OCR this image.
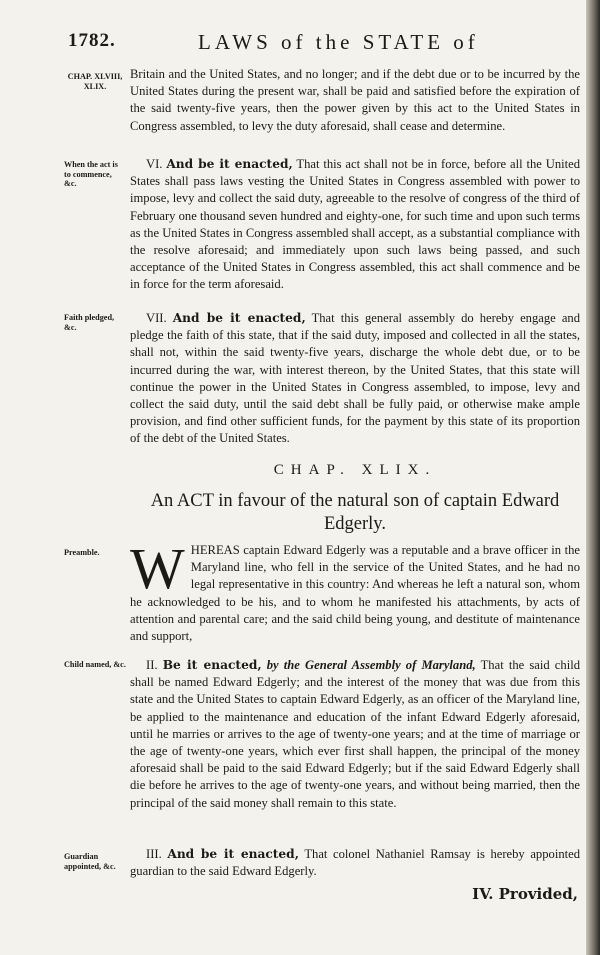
1782.	LAWS of the STATE of
CHAP. XLVIII, XLIX.
When the act is to commence, &c.
Faith pledged, &c.
Preamble.
Child named, &c.
Guardian appointed, &c.

Britain and the United States, and no longer; and if the debt due or to be incurred by the United States during the present war, shall be paid and satisfied before the expiration of the said twenty-five years, then the power given by this act to the United States in Congress assembled, to levy the duty aforesaid, shall cease and determine.

VI. And be it enacted, That this act shall not be in force, before all the United States shall pass laws vesting the United States in Congress assembled with power to impose, levy and collect the said duty, agreeable to the resolve of congress of the third of February one thousand seven hundred and eighty-one, for such time and upon such terms as the United States in Congress assembled shall accept, as a substantial compliance with the resolve aforesaid; and immediately upon such laws being passed, and such acceptance of the United States in Congress assembled, this act shall commence and be in force for the term aforesaid.

VII. And be it enacted, That this general assembly do hereby engage and pledge the faith of this state, that if the said duty, imposed and collected in all the states, shall not, within the said twenty-five years, discharge the whole debt due, or to be incurred during the war, with interest thereon, by the United States, that this state will continue the power in the United States in Congress assembled, to impose, levy and collect the said duty, until the said debt shall be fully paid, or otherwise make ample provision, and find other sufficient funds, for the payment by this state of its proportion of the debt of the United States.

CHAP. XLIX.
An ACT in favour of the natural son of captain Edward Edgerly.

W HEREAS captain Edward Edgerly was a reputable and a brave officer in the Maryland line, who fell in the service of the United States, and he had no legal representative in this country: And whereas he left a natural son, whom he acknowledged to be his, and to whom he manifested his attachments, by acts of attention and parental care; and the said child being young, and destitute of maintenance and support,

II. Be it enacted, by the General Assembly of Maryland, That the said child shall be named Edward Edgerly; and the interest of the money that was due from this state and the United States to captain Edward Edgerly, as an officer of the Maryland line, be applied to the maintenance and education of the infant Edward Edgerly aforesaid, until he marries or arrives to the age of twenty-one years; and at the time of marriage or the age of twenty-one years, which ever first shall happen, the principal of the money aforesaid shall be paid to the said Edward Edgerly; but if the said Edward Edgerly shall die before he arrives to the age of twenty-one years, and without being married, then the principal of the said money shall remain to this state.

III. And be it enacted, That colonel Nathaniel Ramsay is hereby appointed guardian to the said Edward Edgerly.

IV. Provided,
